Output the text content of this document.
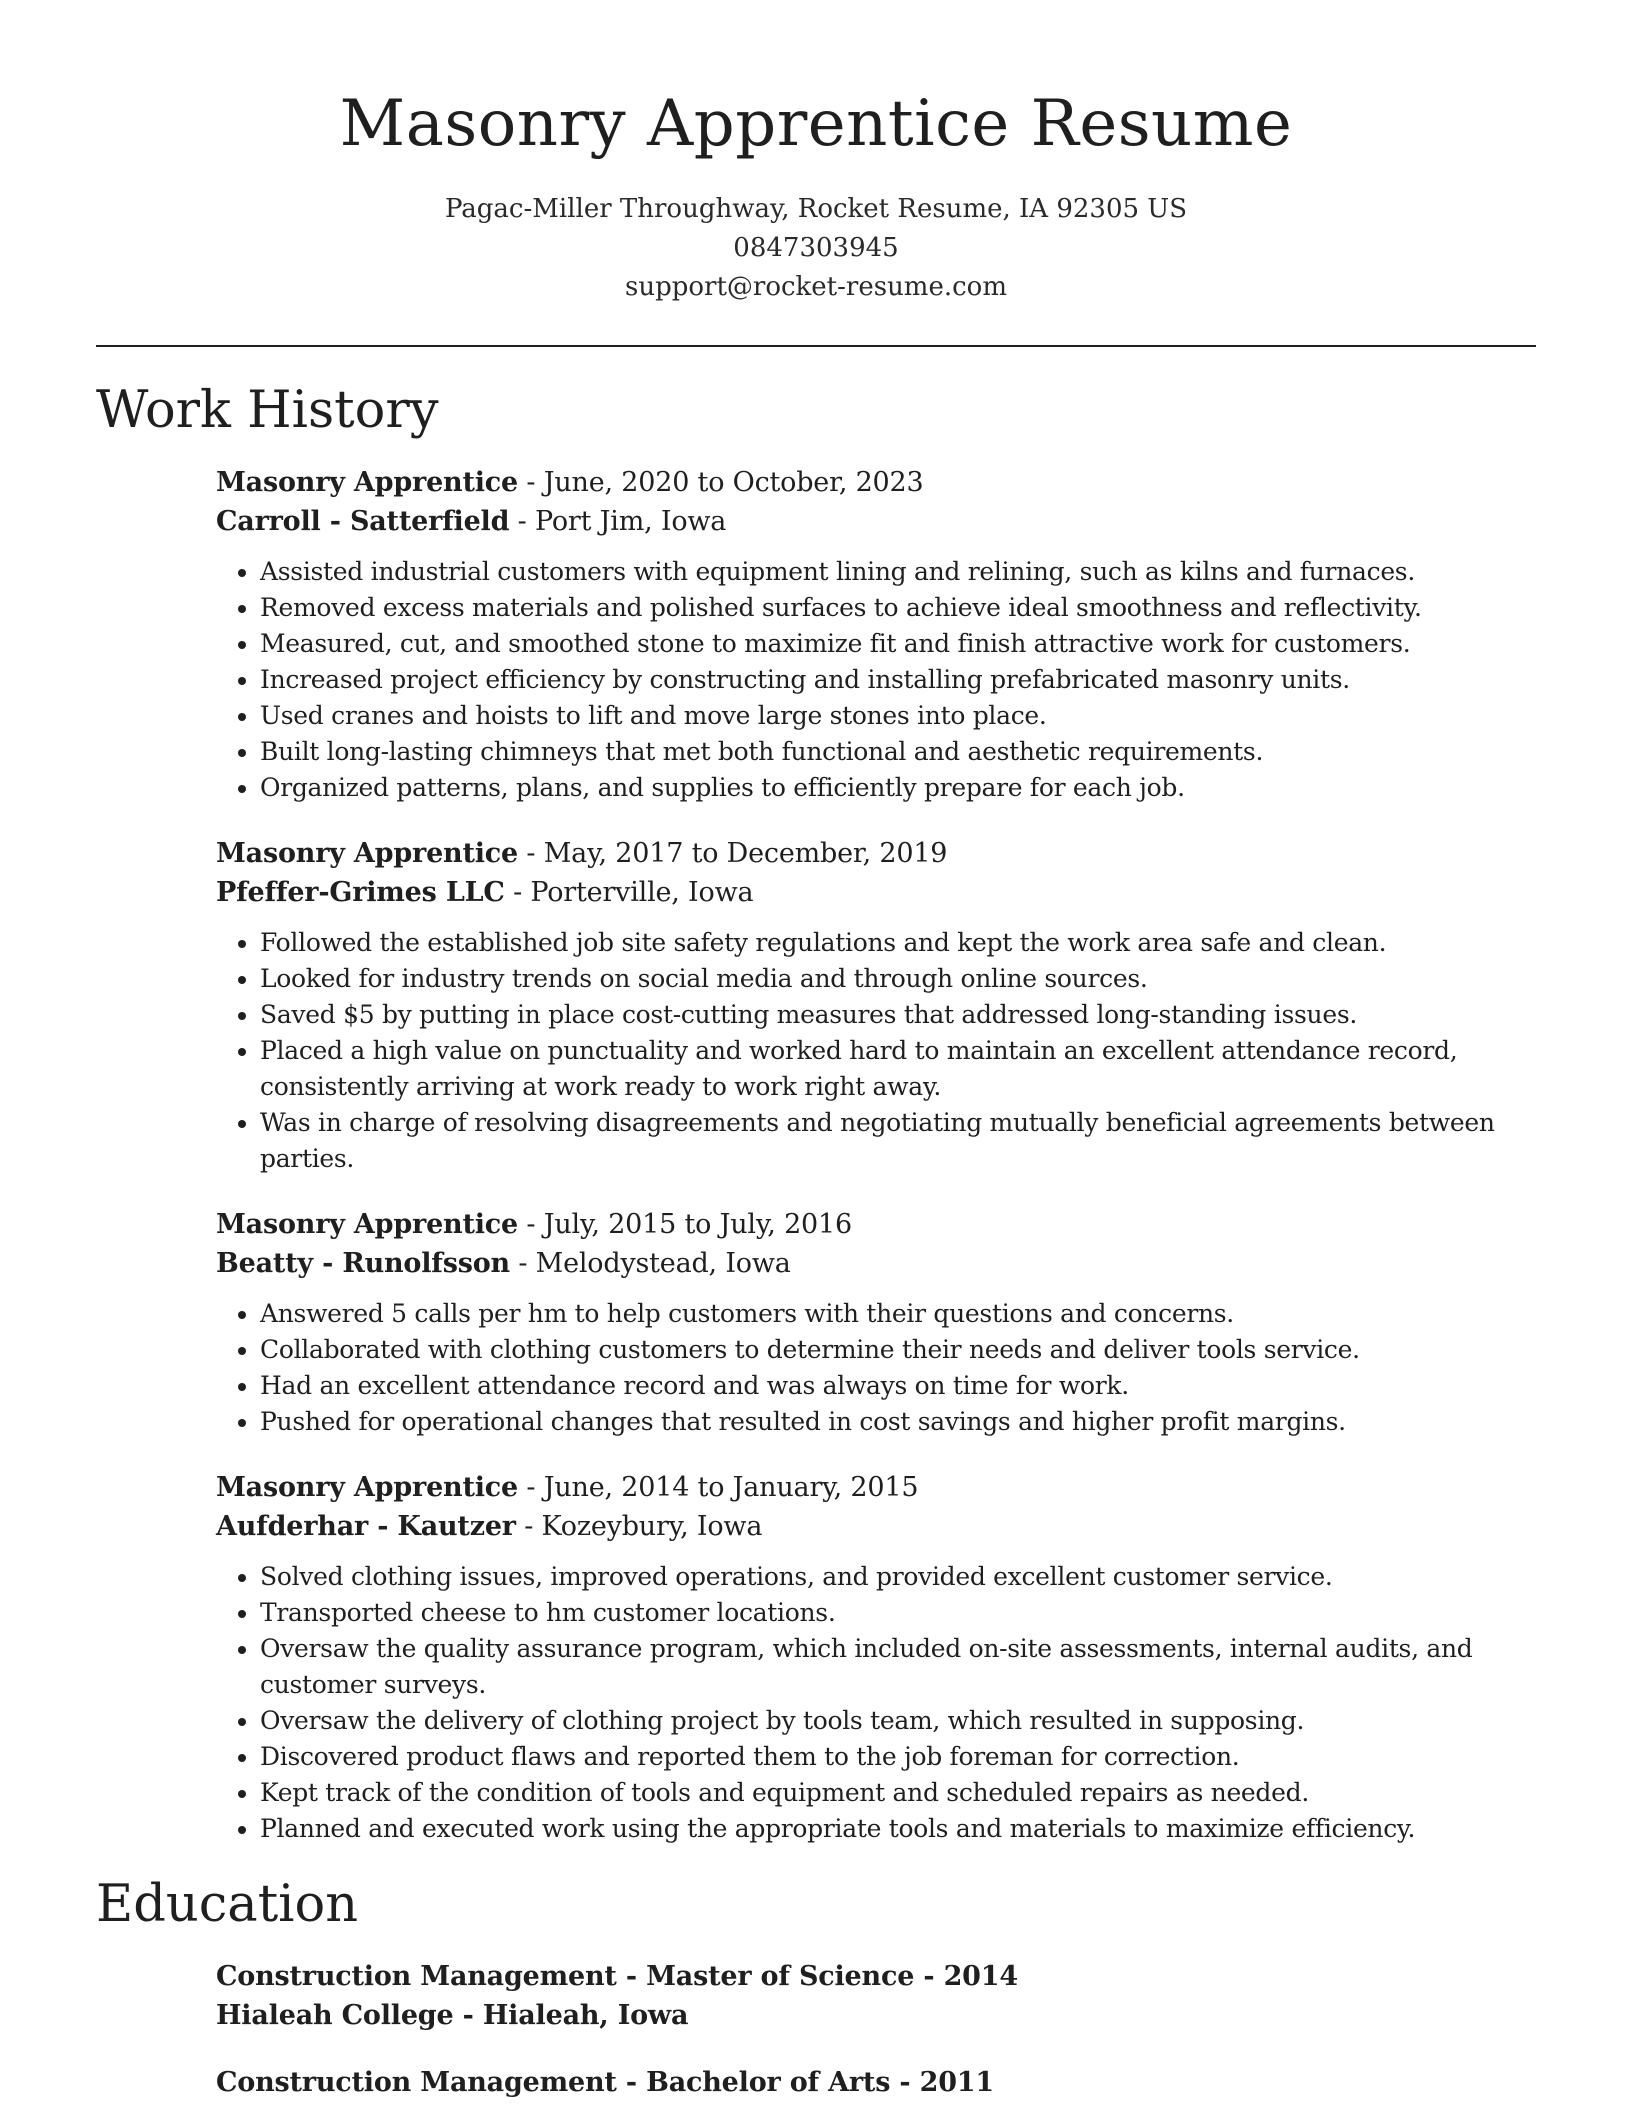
Masonry Apprentice Resume
Pagac-Miller Throughway, Rocket Resume, IA 92305 US
0847303945
support@rocket-resume.com
Work History
Masonry Apprentice - June, 2020 to October, 2023
Carroll - Satterfield - Port Jim, Iowa
• Assisted industrial customers with equipment lining and relining, such as kilns and furnaces.
• Removed excess materials and polished surfaces to achieve ideal smoothness and reflectivity.
• Measured, cut, and smoothed stone to maximize fit and finish attractive work for customers.
• Increased project efficiency by constructing and installing prefabricated masonry units.
• Used cranes and hoists to lift and move large stones into place.
• Built long-lasting chimneys that met both functional and aesthetic requirements.
• Organized patterns, plans, and supplies to efficiently prepare for each job.
Masonry Apprentice - May, 2017 to December, 2019
Pfeffer-Grimes LLC - Porterville, Iowa
• Followed the established job site safety regulations and kept the work area safe and clean.
• Looked for industry trends on social media and through online sources.
• Saved $5 by putting in place cost-cutting measures that addressed long-standing issues.
• Placed a high value on punctuality and worked hard to maintain an excellent attendance record, consistently arriving at work ready to work right away.
• Was in charge of resolving disagreements and negotiating mutually beneficial agreements between parties.
Masonry Apprentice - July, 2015 to July, 2016
Beatty - Runolfsson - Melodystead, Iowa
• Answered 5 calls per hm to help customers with their questions and concerns.
• Collaborated with clothing customers to determine their needs and deliver tools service.
• Had an excellent attendance record and was always on time for work.
• Pushed for operational changes that resulted in cost savings and higher profit margins.
Masonry Apprentice - June, 2014 to January, 2015
Aufderhar - Kautzer - Kozeybury, Iowa
• Solved clothing issues, improved operations, and provided excellent customer service.
• Transported cheese to hm customer locations.
• Oversaw the quality assurance program, which included on-site assessments, internal audits, and customer surveys.
• Oversaw the delivery of clothing project by tools team, which resulted in supposing.
• Discovered product flaws and reported them to the job foreman for correction.
• Kept track of the condition of tools and equipment and scheduled repairs as needed.
• Planned and executed work using the appropriate tools and materials to maximize efficiency.
Education
Construction Management - Master of Science - 2014
Hialeah College - Hialeah, Iowa
Construction Management - Bachelor of Arts - 2011
